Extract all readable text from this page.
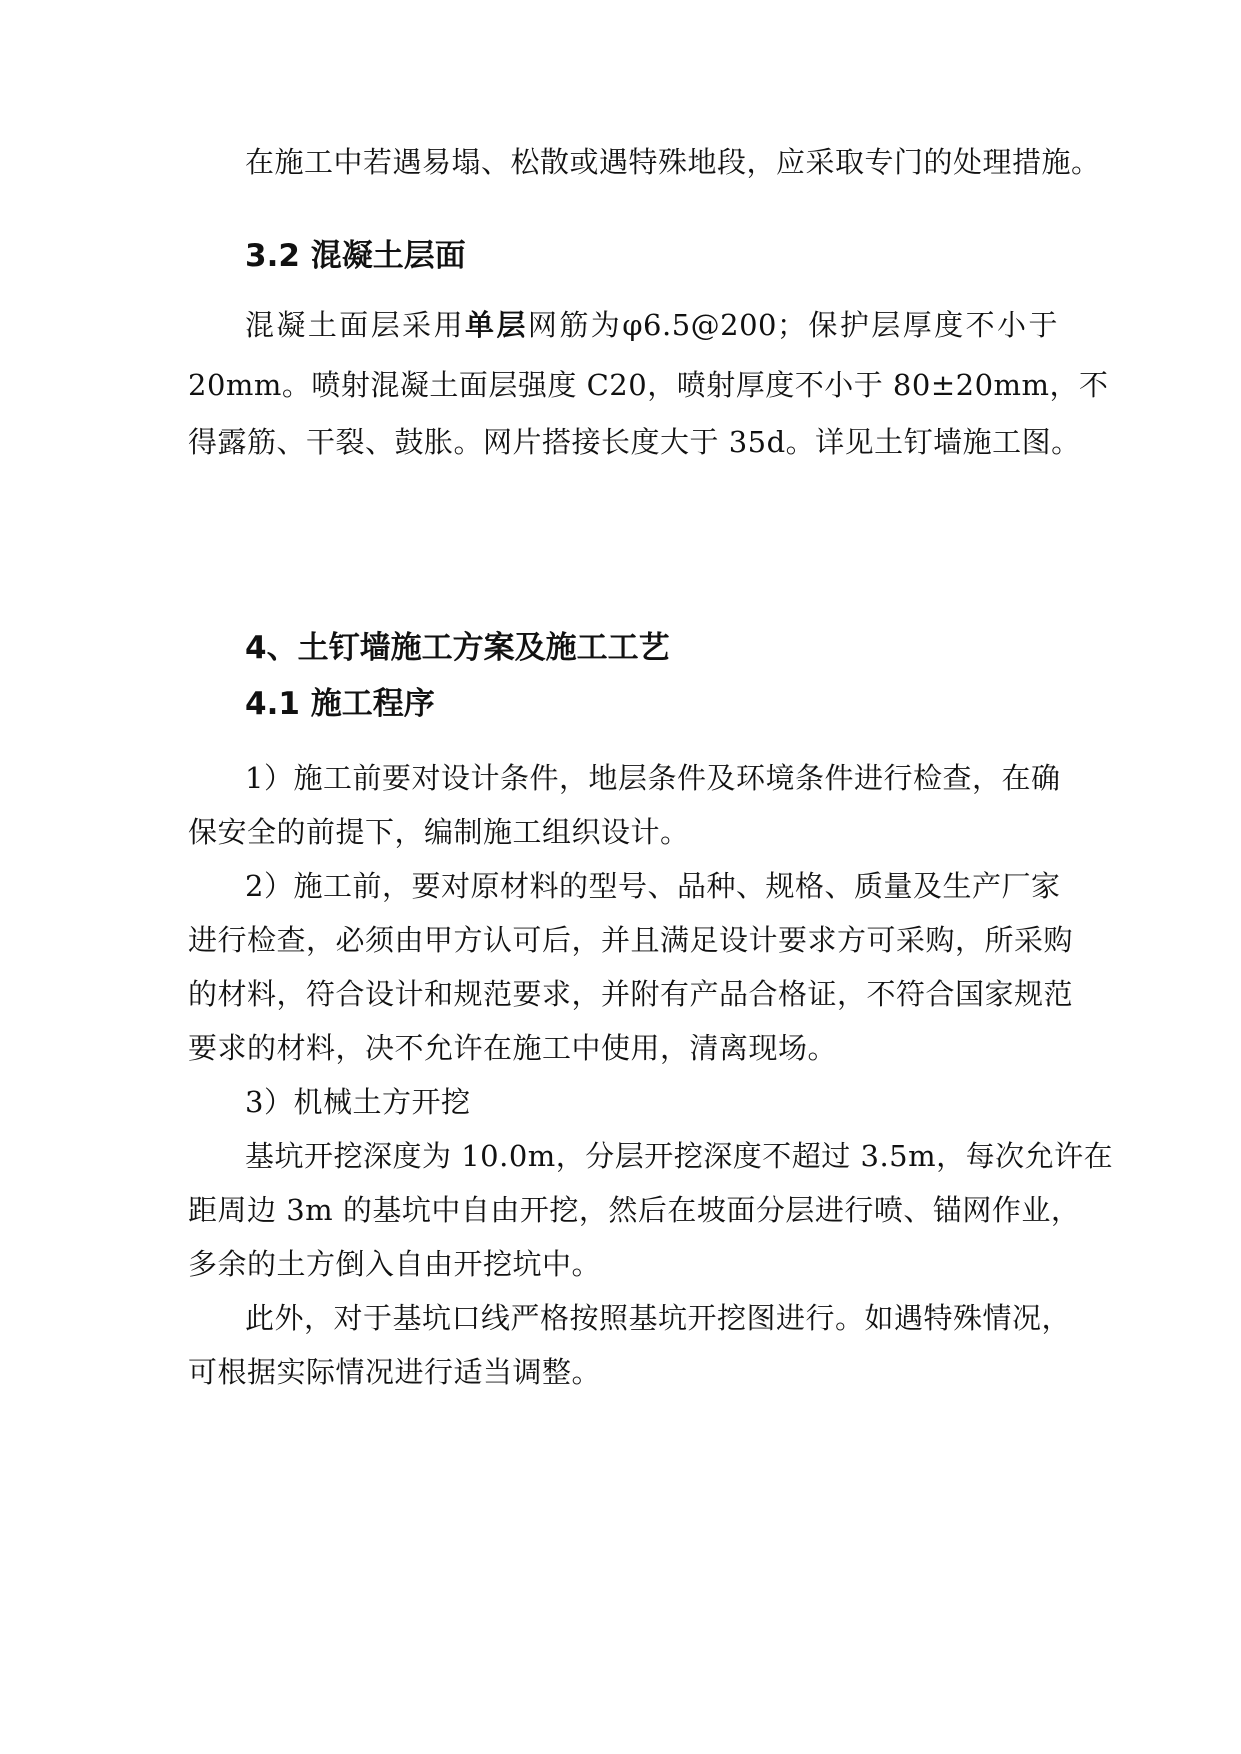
在施工中若遇易塌、松散或遇特殊地段，应采取专门的处理措施。
3.2 混凝土层面
混凝土面层采用单层网筋为φ6.5@200；保护层厚度不小于
20mm。喷射混凝土面层强度 C20，喷射厚度不小于 80±20mm，不
得露筋、干裂、鼓胀。网片搭接长度大于 35d。详见土钉墙施工图。
4、土钉墙施工方案及施工工艺
4.1 施工程序
1）施工前要对设计条件，地层条件及环境条件进行检查，在确
保安全的前提下，编制施工组织设计。
2）施工前，要对原材料的型号、品种、规格、质量及生产厂家
进行检查，必须由甲方认可后，并且满足设计要求方可采购，所采购
的材料，符合设计和规范要求，并附有产品合格证，不符合国家规范
要求的材料，决不允许在施工中使用，清离现场。
3）机械土方开挖
基坑开挖深度为 10.0m，分层开挖深度不超过 3.5m，每次允许在
距周边 3m 的基坑中自由开挖，然后在坡面分层进行喷、锚网作业，
多余的土方倒入自由开挖坑中。
此外，对于基坑口线严格按照基坑开挖图进行。如遇特殊情况，
可根据实际情况进行适当调整。
